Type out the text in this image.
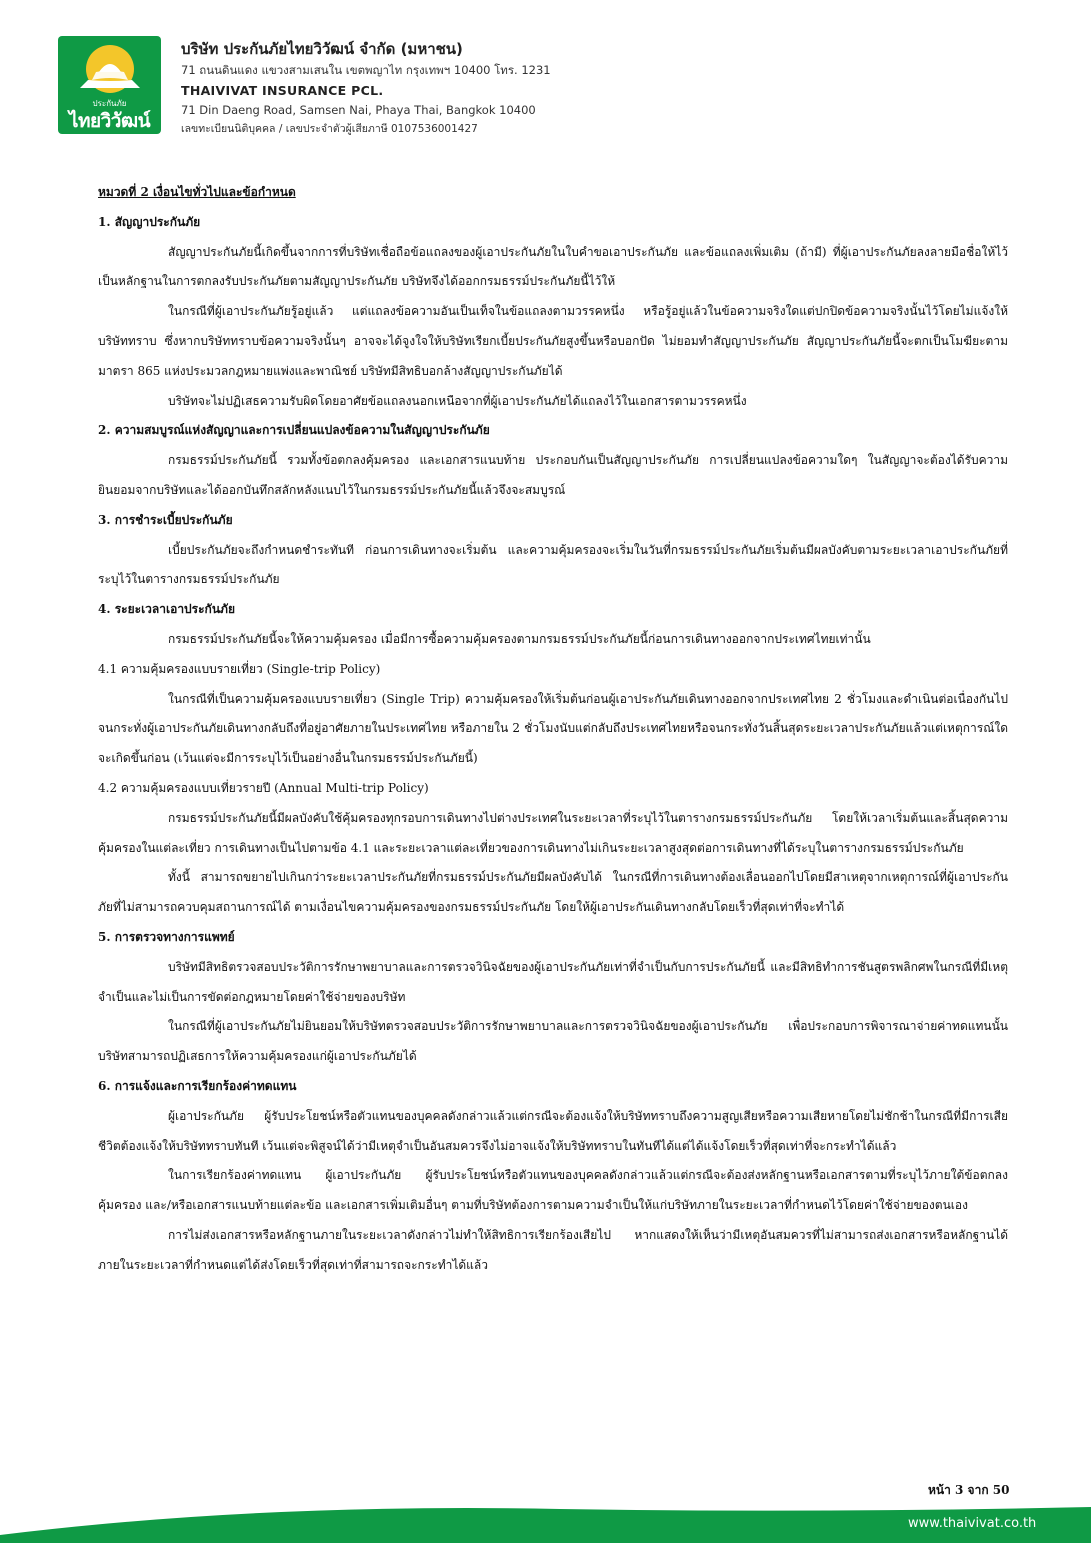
ประกันภัย
ไทยวิวัฒน์
บริษัท ประกันภัยไทยวิวัฒน์ จำกัด (มหาชน)
71 ถนนดินแดง แขวงสามเสนใน เขตพญาไท กรุงเทพฯ 10400 โทร. 1231
THAIVIVAT INSURANCE PCL.
71 Din Daeng Road, Samsen Nai, Phaya Thai, Bangkok 10400
เลขทะเบียนนิติบุคคล / เลขประจำตัวผู้เสียภาษี 0107536001427

หมวดที่ 2 เงื่อนไขทั่วไปและข้อกำหนด

1. สัญญาประกันภัย

สัญญาประกันภัยนี้เกิดขึ้นจากการที่บริษัทเชื่อถือข้อแถลงของผู้เอาประกันภัยในใบคำขอเอาประกันภัย และข้อแถลงเพิ่มเติม (ถ้ามี) ที่ผู้เอาประกันภัยลงลายมือชื่อให้ไว้เป็นหลักฐานในการตกลงรับประกันภัยตามสัญญาประกันภัย บริษัทจึงได้ออกกรมธรรม์ประกันภัยนี้ไว้ให้

ในกรณีที่ผู้เอาประกันภัยรู้อยู่แล้ว แต่แถลงข้อความอันเป็นเท็จในข้อแถลงตามวรรคหนึ่ง หรือรู้อยู่แล้วในข้อความจริงใดแต่ปกปิดข้อความจริงนั้นไว้โดยไม่แจ้งให้บริษัททราบ ซึ่งหากบริษัททราบข้อความจริงนั้นๆ อาจจะได้จูงใจให้บริษัทเรียกเบี้ยประกันภัยสูงขึ้นหรือบอกปัด ไม่ยอมทำสัญญาประกันภัย สัญญาประกันภัยนี้จะตกเป็นโมฆียะตามมาตรา 865 แห่งประมวลกฎหมายแพ่งและพาณิชย์ บริษัทมีสิทธิบอกล้างสัญญาประกันภัยได้

บริษัทจะไม่ปฏิเสธความรับผิดโดยอาศัยข้อแถลงนอกเหนือจากที่ผู้เอาประกันภัยได้แถลงไว้ในเอกสารตามวรรคหนึ่ง

2. ความสมบูรณ์แห่งสัญญาและการเปลี่ยนแปลงข้อความในสัญญาประกันภัย

กรมธรรม์ประกันภัยนี้ รวมทั้งข้อตกลงคุ้มครอง และเอกสารแนบท้าย ประกอบกันเป็นสัญญาประกันภัย การเปลี่ยนแปลงข้อความใดๆ ในสัญญาจะต้องได้รับความยินยอมจากบริษัทและได้ออกบันทึกสลักหลังแนบไว้ในกรมธรรม์ประกันภัยนี้แล้วจึงจะสมบูรณ์

3. การชำระเบี้ยประกันภัย

เบี้ยประกันภัยจะถึงกำหนดชำระทันที ก่อนการเดินทางจะเริ่มต้น และความคุ้มครองจะเริ่มในวันที่กรมธรรม์ประกันภัยเริ่มต้นมีผลบังคับตามระยะเวลาเอาประกันภัยที่ระบุไว้ในตารางกรมธรรม์ประกันภัย

4. ระยะเวลาเอาประกันภัย

กรมธรรม์ประกันภัยนี้จะให้ความคุ้มครอง เมื่อมีการซื้อความคุ้มครองตามกรมธรรม์ประกันภัยนี้ก่อนการเดินทางออกจากประเทศไทยเท่านั้น

4.1 ความคุ้มครองแบบรายเที่ยว (Single-trip Policy)

ในกรณีที่เป็นความคุ้มครองแบบรายเที่ยว (Single Trip) ความคุ้มครองให้เริ่มต้นก่อนผู้เอาประกันภัยเดินทางออกจากประเทศไทย 2 ชั่วโมงและดำเนินต่อเนื่องกันไปจนกระทั่งผู้เอาประกันภัยเดินทางกลับถึงที่อยู่อาศัยภายในประเทศไทย หรือภายใน 2 ชั่วโมงนับแต่กลับถึงประเทศไทยหรือจนกระทั่งวันสิ้นสุดระยะเวลาประกันภัยแล้วแต่เหตุการณ์ใดจะเกิดขึ้นก่อน (เว้นแต่จะมีการระบุไว้เป็นอย่างอื่นในกรมธรรม์ประกันภัยนี้)

4.2 ความคุ้มครองแบบเที่ยวรายปี (Annual Multi-trip Policy)

กรมธรรม์ประกันภัยนี้มีผลบังคับใช้คุ้มครองทุกรอบการเดินทางไปต่างประเทศในระยะเวลาที่ระบุไว้ในตารางกรมธรรม์ประกันภัย โดยให้เวลาเริ่มต้นและสิ้นสุดความคุ้มครองในแต่ละเที่ยว การเดินทางเป็นไปตามข้อ 4.1 และระยะเวลาแต่ละเที่ยวของการเดินทางไม่เกินระยะเวลาสูงสุดต่อการเดินทางที่ได้ระบุในตารางกรมธรรม์ประกันภัย

ทั้งนี้ สามารถขยายไปเกินกว่าระยะเวลาประกันภัยที่กรมธรรม์ประกันภัยมีผลบังคับได้ ในกรณีที่การเดินทางต้องเลื่อนออกไปโดยมีสาเหตุจากเหตุการณ์ที่ผู้เอาประกันภัยที่ไม่สามารถควบคุมสถานการณ์ได้ ตามเงื่อนไขความคุ้มครองของกรมธรรม์ประกันภัย โดยให้ผู้เอาประกันเดินทางกลับโดยเร็วที่สุดเท่าที่จะทำได้

5. การตรวจทางการแพทย์

บริษัทมีสิทธิตรวจสอบประวัติการรักษาพยาบาลและการตรวจวินิจฉัยของผู้เอาประกันภัยเท่าที่จำเป็นกับการประกันภัยนี้ และมีสิทธิทำการชันสูตรพลิกศพในกรณีที่มีเหตุจำเป็นและไม่เป็นการขัดต่อกฎหมายโดยค่าใช้จ่ายของบริษัท

ในกรณีที่ผู้เอาประกันภัยไม่ยินยอมให้บริษัทตรวจสอบประวัติการรักษาพยาบาลและการตรวจวินิจฉัยของผู้เอาประกันภัย เพื่อประกอบการพิจารณาจ่ายค่าทดแทนนั้น บริษัทสามารถปฏิเสธการให้ความคุ้มครองแก่ผู้เอาประกันภัยได้

6. การแจ้งและการเรียกร้องค่าทดแทน

ผู้เอาประกันภัย ผู้รับประโยชน์หรือตัวแทนของบุคคลดังกล่าวแล้วแต่กรณีจะต้องแจ้งให้บริษัททราบถึงความสูญเสียหรือความเสียหายโดยไม่ชักช้าในกรณีที่มีการเสียชีวิตต้องแจ้งให้บริษัททราบทันที เว้นแต่จะพิสูจน์ได้ว่ามีเหตุจำเป็นอันสมควรจึงไม่อาจแจ้งให้บริษัททราบในทันทีได้แต่ได้แจ้งโดยเร็วที่สุดเท่าที่จะกระทำได้แล้ว

ในการเรียกร้องค่าทดแทน ผู้เอาประกันภัย ผู้รับประโยชน์หรือตัวแทนของบุคคลดังกล่าวแล้วแต่กรณีจะต้องส่งหลักฐานหรือเอกสารตามที่ระบุไว้ภายใต้ข้อตกลงคุ้มครอง และ/หรือเอกสารแนบท้ายแต่ละข้อ และเอกสารเพิ่มเติมอื่นๆ ตามที่บริษัทต้องการตามความจำเป็นให้แก่บริษัทภายในระยะเวลาที่กำหนดไว้โดยค่าใช้จ่ายของตนเอง

การไม่ส่งเอกสารหรือหลักฐานภายในระยะเวลาดังกล่าวไม่ทำให้สิทธิการเรียกร้องเสียไป หากแสดงให้เห็นว่ามีเหตุอันสมควรที่ไม่สามารถส่งเอกสารหรือหลักฐานได้ภายในระยะเวลาที่กำหนดแต่ได้ส่งโดยเร็วที่สุดเท่าที่สามารถจะกระทำได้แล้ว

หน้า 3 จาก 50
www.thaivivat.co.th
